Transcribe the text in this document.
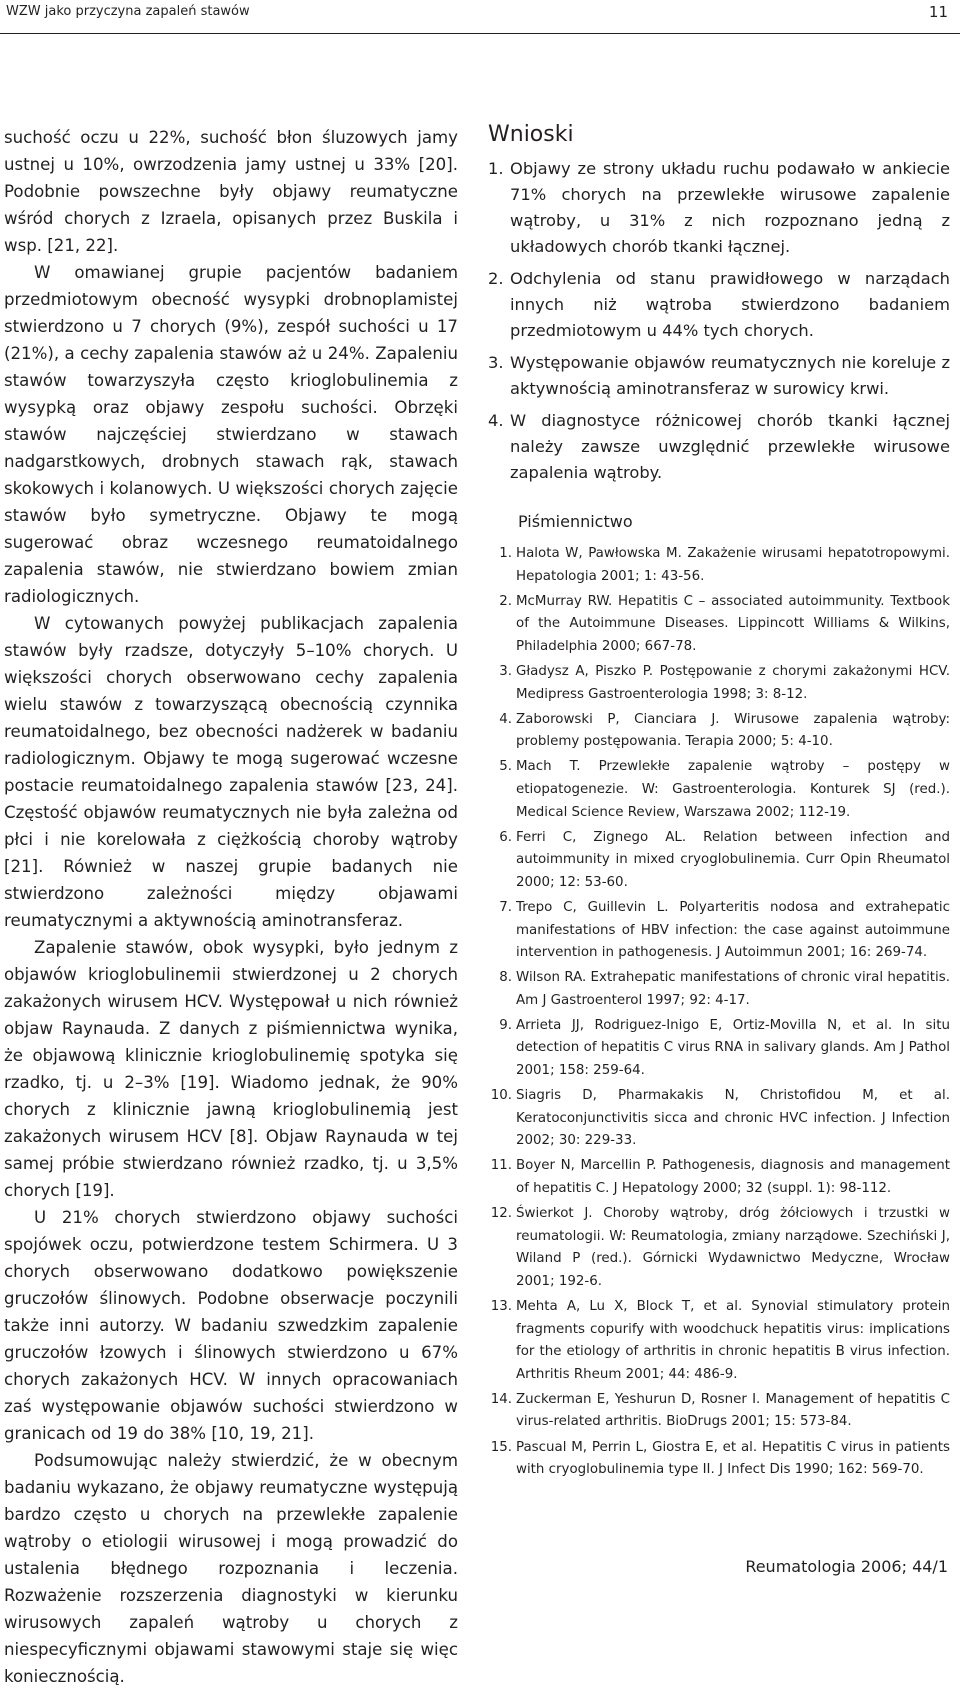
WZW jako przyczyna zapaleń stawów	11

suchość oczu u 22%, suchość błon śluzowych jamy ustnej u 10%, owrzodzenia jamy ustnej u 33% [20]. Podobnie powszechne były objawy reumatyczne wśród chorych z Izraela, opisanych przez Buskila i wsp. [21, 22].

W omawianej grupie pacjentów badaniem przedmiotowym obecność wysypki drobnoplamistej stwierdzono u 7 chorych (9%), zespół suchości u 17 (21%), a cechy zapalenia stawów aż u 24%. Zapaleniu stawów towarzyszyła często krioglobulinemia z wysypką oraz objawy zespołu suchości. Obrzęki stawów najczęściej stwierdzano w stawach nadgarstkowych, drobnych stawach rąk, stawach skokowych i kolanowych. U większości chorych zajęcie stawów było symetryczne. Objawy te mogą sugerować obraz wczesnego reumatoidalnego zapalenia stawów, nie stwierdzano bowiem zmian radiologicznych.

W cytowanych powyżej publikacjach zapalenia stawów były rzadsze, dotyczyły 5–10% chorych. U większości chorych obserwowano cechy zapalenia wielu stawów z towarzyszącą obecnością czynnika reumatoidalnego, bez obecności nadżerek w badaniu radiologicznym. Objawy te mogą sugerować wczesne postacie reumatoidalnego zapalenia stawów [23, 24]. Częstość objawów reumatycznych nie była zależna od płci i nie korelowała z ciężkością choroby wątroby [21]. Również w naszej grupie badanych nie stwierdzono zależności między objawami reumatycznymi a aktywnością aminotransferaz.

Zapalenie stawów, obok wysypki, było jednym z objawów krioglobulinemii stwierdzonej u 2 chorych zakażonych wirusem HCV. Występował u nich również objaw Raynauda. Z danych z piśmiennictwa wynika, że objawową klinicznie krioglobulinemię spotyka się rzadko, tj. u 2–3% [19]. Wiadomo jednak, że 90% chorych z klinicznie jawną krioglobulinemią jest zakażonych wirusem HCV [8]. Objaw Raynauda w tej samej próbie stwierdzano również rzadko, tj. u 3,5% chorych [19].

U 21% chorych stwierdzono objawy suchości spojówek oczu, potwierdzone testem Schirmera. U 3 chorych obserwowano dodatkowo powiększenie gruczołów ślinowych. Podobne obserwacje poczynili także inni autorzy. W badaniu szwedzkim zapalenie gruczołów łzowych i ślinowych stwierdzono u 67% chorych zakażonych HCV. W innych opracowaniach zaś występowanie objawów suchości stwierdzono w granicach od 19 do 38% [10, 19, 21].

Podsumowując należy stwierdzić, że w obecnym badaniu wykazano, że objawy reumatyczne występują bardzo często u chorych na przewlekłe zapalenie wątroby o etiologii wirusowej i mogą prowadzić do ustalenia błędnego rozpoznania i leczenia. Rozważenie rozszerzenia diagnostyki w kierunku wirusowych zapaleń wątroby u chorych z niespecyficznymi objawami stawowymi staje się więc koniecznością.

Wnioski
1. Objawy ze strony układu ruchu podawało w ankiecie 71% chorych na przewlekłe wirusowe zapalenie wątroby, u 31% z nich rozpoznano jedną z układowych chorób tkanki łącznej.
2. Odchylenia od stanu prawidłowego w narządach innych niż wątroba stwierdzono badaniem przedmiotowym u 44% tych chorych.
3. Występowanie objawów reumatycznych nie koreluje z aktywnością aminotransferaz w surowicy krwi.
4. W diagnostyce różnicowej chorób tkanki łącznej należy zawsze uwzględnić przewlekłe wirusowe zapalenia wątroby.
Piśmiennictwo
1. Halota W, Pawłowska M. Zakażenie wirusami hepatotropowymi. Hepatologia 2001; 1: 43-56.
2. McMurray RW. Hepatitis C – associated autoimmunity. Textbook of the Autoimmune Diseases. Lippincott Williams & Wilkins, Philadelphia 2000; 667-78.
3. Gładysz A, Piszko P. Postępowanie z chorymi zakażonymi HCV. Medipress Gastroenterologia 1998; 3: 8-12.
4. Zaborowski P, Cianciara J. Wirusowe zapalenia wątroby: problemy postępowania. Terapia 2000; 5: 4-10.
5. Mach T. Przewlekłe zapalenie wątroby – postępy w etiopatogenezie. W: Gastroenterologia. Konturek SJ (red.). Medical Science Review, Warszawa 2002; 112-19.
6. Ferri C, Zignego AL. Relation between infection and autoimmunity in mixed cryoglobulinemia. Curr Opin Rheumatol 2000; 12: 53-60.
7. Trepo C, Guillevin L. Polyarteritis nodosa and extrahepatic manifestations of HBV infection: the case against autoimmune intervention in pathogenesis. J Autoimmun 2001; 16: 269-74.
8. Wilson RA. Extrahepatic manifestations of chronic viral hepatitis. Am J Gastroenterol 1997; 92: 4-17.
9. Arrieta JJ, Rodriguez-Inigo E, Ortiz-Movilla N, et al. In situ detection of hepatitis C virus RNA in salivary glands. Am J Pathol 2001; 158: 259-64.
10. Siagris D, Pharmakakis N, Christofidou M, et al. Keratoconjunctivitis sicca and chronic HVC infection. J Infection 2002; 30: 229-33.
11. Boyer N, Marcellin P. Pathogenesis, diagnosis and management of hepatitis C. J Hepatology 2000; 32 (suppl. 1): 98-112.
12. Świerkot J. Choroby wątroby, dróg żółciowych i trzustki w reumatologii. W: Reumatologia, zmiany narządowe. Szechiński J, Wiland P (red.). Górnicki Wydawnictwo Medyczne, Wrocław 2001; 192-6.
13. Mehta A, Lu X, Block T, et al. Synovial stimulatory protein fragments copurify with woodchuck hepatitis virus: implications for the etiology of arthritis in chronic hepatitis B virus infection. Arthritis Rheum 2001; 44: 486-9.
14. Zuckerman E, Yeshurun D, Rosner I. Management of hepatitis C virus-related arthritis. BioDrugs 2001; 15: 573-84.
15. Pascual M, Perrin L, Giostra E, et al. Hepatitis C virus in patients with cryoglobulinemia type II. J Infect Dis 1990; 162: 569-70.
Reumatologia 2006; 44/1
